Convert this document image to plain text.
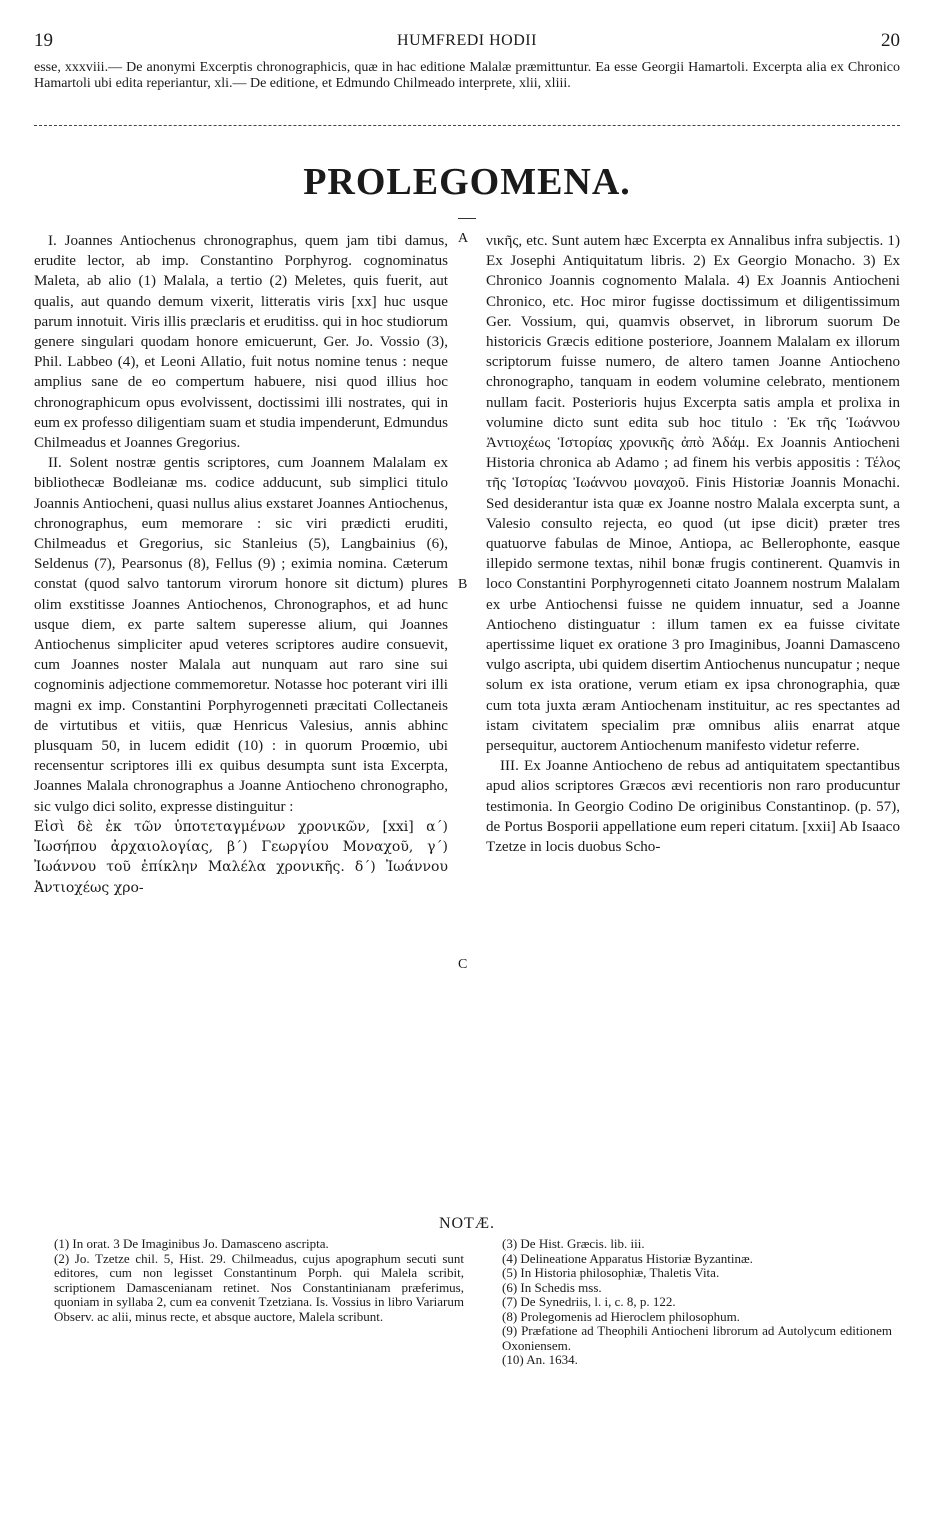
19	HUMFREDI HODII	20
esse, xxxviii.— De anonymi Excerptis chronographicis, quæ in hac editione Malalæ præmittuntur. Ea esse Georgii Hamartoli. Excerpta alia ex Chronico Hamartoli ubi edita reperiantur, xli.— De editione, et Edmundo Chilmeado interprete, xlii, xliii.
PROLEGOMENA.

I. Joannes Antiochenus chronographus, quem jam tibi damus, erudite lector, ab imp. Constantino Porphyrog. cognominatus Maleta, ab alio (1) Malala, a tertio (2) Meletes, quis fuerit, aut qualis, aut quando demum vixerit, litteratis viris [xx] huc usque parum innotuit. Viris illis præclaris et eruditiss. qui in hoc studiorum genere singulari quodam honore emicuerunt, Ger. Jo. Vossio (3), Phil. Labbeo (4), et Leoni Allatio, fuit notus nomine tenus : neque amplius sane de eo compertum habuere, nisi quod illius hoc chronographicum opus evolvissent, doctissimi illi nostrates, qui in eum ex professo diligentiam suam et studia impenderunt, Edmundus Chilmeadus et Joannes Gregorius.

II. Solent nostræ gentis scriptores, cum Joannem Malalam ex bibliothecæ Bodleianæ ms. codice adducunt, sub simplici titulo Joannis Antiocheni, quasi nullus alius exstaret Joannes Antiochenus, chronographus, eum memorare : sic viri prædicti eruditi, Chilmeadus et Gregorius, sic Stanleius (5), Langbainius (6), Seldenus (7), Pearsonus (8), Fellus (9) ; eximia nomina. Cæterum constat (quod salvo tantorum virorum honore sit dictum) plures olim exstitisse Joannes Antiochenos, Chronographos, et ad hunc usque diem, ex parte saltem superesse alium, qui Joannes Antiochenus simpliciter apud veteres scriptores audire consuevit, cum Joannes noster Malala aut nunquam aut raro sine sui cognominis adjectione commemoretur. Notasse hoc poterant viri illi magni ex imp. Constantini Porphyrogenneti præcitati Collectaneis de virtutibus et vitiis, quæ Henricus Valesius, annis abhinc plusquam 50, in lucem edidit (10) : in quorum Proœmio, ubi recensentur scriptores illi ex quibus desumpta sunt ista Excerpta, Joannes Malala chronographus a Joanne Antiocheno chronographo, sic vulgo dici solito, expresse distinguitur :

Εἰσὶ δὲ ἐκ τῶν ὑποτεταγμένων χρονικῶν, [xxi] α´) Ἰωσήπου ἀρχαιολογίας, β´) Γεωργίου Μοναχοῦ, γ´) Ἰωάννου τοῦ ἐπίκλην Μαλέλα χρονικῆς. δ´) Ἰωάννου Ἀντιοχέως χρο-

A
B
C

νικῆς, etc. Sunt autem hæc Excerpta ex Annalibus infra subjectis. 1) Ex Josephi Antiquitatum libris. 2) Ex Georgio Monacho. 3) Ex Chronico Joannis cognomento Malala. 4) Ex Joannis Antiocheni Chronico, etc. Hoc miror fugisse doctissimum et diligentissimum Ger. Vossium, qui, quamvis observet, in librorum suorum De historicis Græcis editione posteriore, Joannem Malalam ex illorum scriptorum fuisse numero, de altero tamen Joanne Antiocheno chronographo, tanquam in eodem volumine celebrato, mentionem nullam facit. Posterioris hujus Excerpta satis ampla et prolixa in volumine dicto sunt edita sub hoc titulo : Ἐκ τῆς Ἰωάννου Ἀντιοχέως Ἱστορίας χρονικῆς ἀπὸ Ἀδάμ. Ex Joannis Antiocheni Historia chronica ab Adamo ; ad finem his verbis appositis : Τέλος τῆς Ἱστορίας Ἰωάννου μοναχοῦ. Finis Historiæ Joannis Monachi. Sed desiderantur ista quæ ex Joanne nostro Malala excerpta sunt, a Valesio consulto rejecta, eo quod (ut ipse dicit) præter tres quatuorve fabulas de Minoe, Antiopa, ac Bellerophonte, easque illepido sermone textas, nihil bonæ frugis continerent. Quamvis in loco Constantini Porphyrogenneti citato Joannem nostrum Malalam ex urbe Antiochensi fuisse ne quidem innuatur, sed a Joanne Antiocheno distinguatur : illum tamen ex ea fuisse civitate apertissime liquet ex oratione 3 pro Imaginibus, Joanni Damasceno vulgo ascripta, ubi quidem disertim Antiochenus nuncupatur ; neque solum ex ista oratione, verum etiam ex ipsa chronographia, quæ cum tota juxta æram Antiochenam instituitur, ac res spectantes ad istam civitatem specialim præ omnibus aliis enarrat atque persequitur, auctorem Antiochenum manifesto videtur referre.

III. Ex Joanne Antiocheno de rebus ad antiquitatem spectantibus apud alios scriptores Græcos ævi recentioris non raro producuntur testimonia. In Georgio Codino De originibus Constantinop. (p. 57), de Portus Bosporii appellatione eum reperi citatum. [xxii] Ab Isaaco Tzetze in locis duobus Scho-

NOTÆ.

(1) In orat. 3 De Imaginibus Jo. Damasceno ascripta.

(2) Jo. Tzetze chil. 5, Hist. 29. Chilmeadus, cujus apographum secuti sunt editores, cum non legisset Constantinum Porph. qui Malela scribit, scriptionem Damascenianam retinet. Nos Constantinianam præferimus, quoniam in syllaba 2, cum ea convenit Tzetziana. Is. Vossius in libro Variarum Observ. ac alii, minus recte, et absque auctore, Malela scribunt.

(3) De Hist. Græcis. lib. iii.

(4) Delineatione Apparatus Historiæ Byzantinæ.

(5) In Historia philosophiæ, Thaletis Vita.

(6) In Schedis mss.

(7) De Synedriis, l. i, c. 8, p. 122.

(8) Prolegomenis ad Hieroclem philosophum.

(9) Præfatione ad Theophili Antiocheni librorum ad Autolycum editionem Oxoniensem.

(10) An. 1634.
